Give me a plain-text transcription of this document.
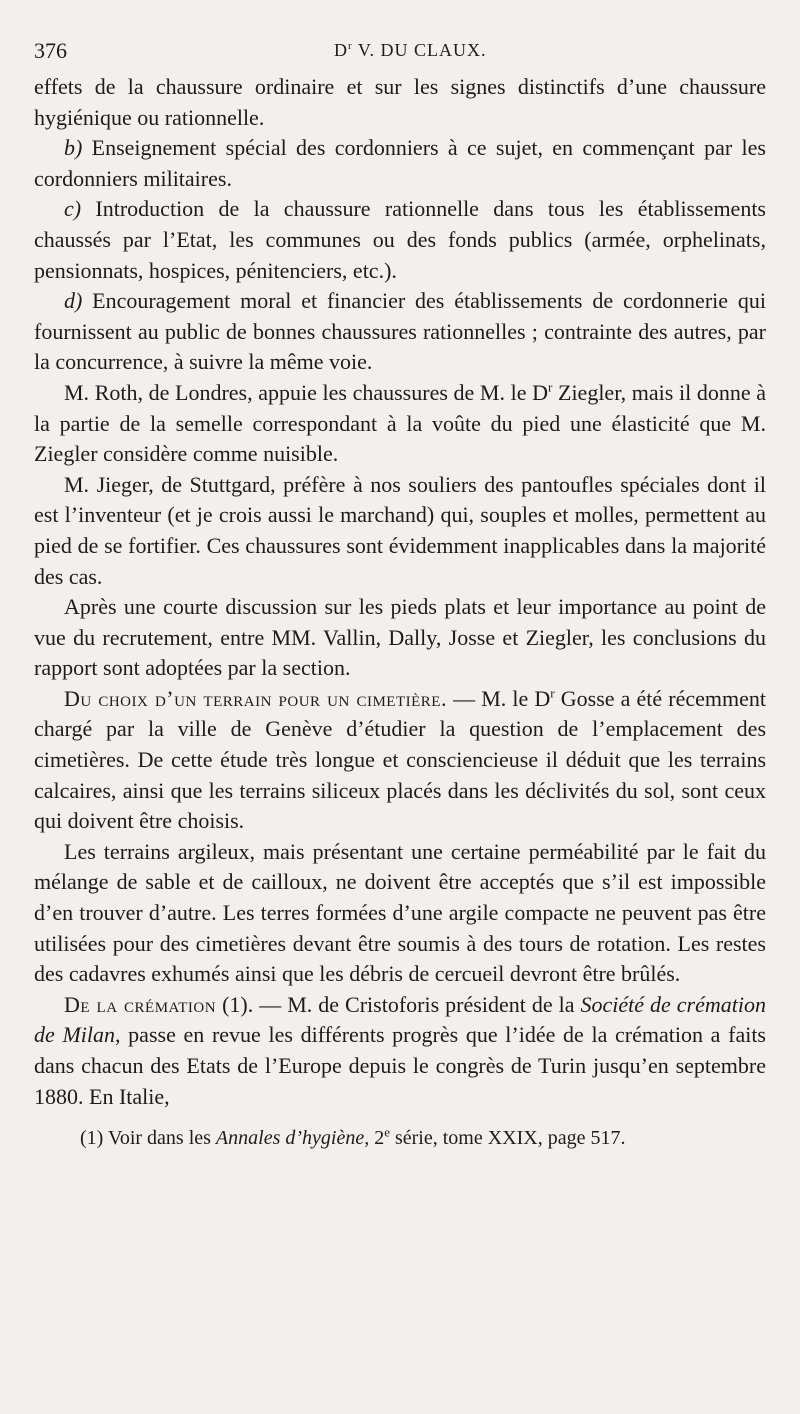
376	$D^r$ V. DU CLAUX.

effets de la chaussure ordinaire et sur les signes distinctifs d’une chaussure hygiénique ou rationnelle.

b) Enseignement spécial des cordonniers à ce sujet, en commençant par les cordonniers militaires.

c) Introduction de la chaussure rationnelle dans tous les établissements chaussés par l’Etat, les communes ou des fonds publics (armée, orphelinats, pensionnats, hospices, pénitenciers, etc.).

d) Encouragement moral et financier des établissements de cordonnerie qui fournissent au public de bonnes chaussures rationnelles ; contrainte des autres, par la concurrence, à suivre la même voie.

M. Roth, de Londres, appuie les chaussures de M. le $D^r$ Ziegler, mais il donne à la partie de la semelle correspondant à la voûte du pied une élasticité que M. Ziegler considère comme nuisible.

M. Jieger, de Stuttgard, préfère à nos souliers des pantoufles spéciales dont il est l’inventeur (et je crois aussi le marchand) qui, souples et molles, permettent au pied de se fortifier. Ces chaussures sont évidemment inapplicables dans la majorité des cas.

Après une courte discussion sur les pieds plats et leur importance au point de vue du recrutement, entre MM. Vallin, Dally, Josse et Ziegler, les conclusions du rapport sont adoptées par la section.

Du choix d’un terrain pour un cimetière. — M. le $D^r$ Gosse a été récemment chargé par la ville de Genève d’étudier la question de l’emplacement des cimetières. De cette étude très longue et consciencieuse il déduit que les terrains calcaires, ainsi que les terrains siliceux placés dans les déclivités du sol, sont ceux qui doivent être choisis.

Les terrains argileux, mais présentant une certaine perméabilité par le fait du mélange de sable et de cailloux, ne doivent être acceptés que s’il est impossible d’en trouver d’autre. Les terres formées d’une argile compacte ne peuvent pas être utilisées pour des cimetières devant être soumis à des tours de rotation. Les restes des cadavres exhumés ainsi que les débris de cercueil devront être brûlés.

De la crémation (1). — M. de Cristoforis président de la Société de crémation de Milan, passe en revue les différents progrès que l’idée de la crémation a faits dans chacun des Etats de l’Europe depuis le congrès de Turin jusqu’en septembre 1880. En Italie,

(1) Voir dans les Annales d’hygiène, 2e série, tome XXIX, page 517.
